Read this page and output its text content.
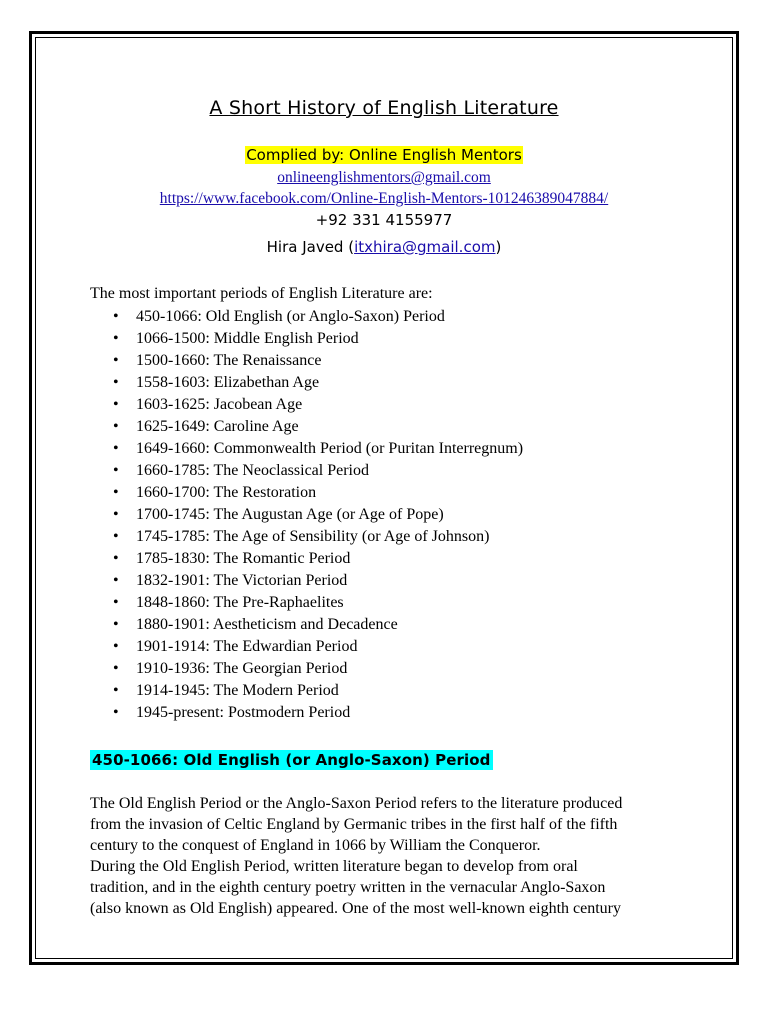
A Short History of English Literature
Complied by: Online English Mentors
onlineenglishmentors@gmail.com
https://www.facebook.com/Online-English-Mentors-101246389047884/
+92 331 4155977
Hira Javed (itxhira@gmail.com)
The most important periods of English Literature are:
• 450-1066: Old English (or Anglo-Saxon) Period
• 1066-1500: Middle English Period
• 1500-1660: The Renaissance
• 1558-1603: Elizabethan Age
• 1603-1625: Jacobean Age
• 1625-1649: Caroline Age
• 1649-1660: Commonwealth Period (or Puritan Interregnum)
• 1660-1785: The Neoclassical Period
• 1660-1700: The Restoration
• 1700-1745: The Augustan Age (or Age of Pope)
• 1745-1785: The Age of Sensibility (or Age of Johnson)
• 1785-1830: The Romantic Period
• 1832-1901: The Victorian Period
• 1848-1860: The Pre-Raphaelites
• 1880-1901: Aestheticism and Decadence
• 1901-1914: The Edwardian Period
• 1910-1936: The Georgian Period
• 1914-1945: The Modern Period
• 1945-present: Postmodern Period
450-1066: Old English (or Anglo-Saxon) Period

The Old English Period or the Anglo-Saxon Period refers to the literature produced

from the invasion of Celtic England by Germanic tribes in the first half of the fifth

century to the conquest of England in 1066 by William the Conqueror.

During the Old English Period, written literature began to develop from oral

tradition, and in the eighth century poetry written in the vernacular Anglo-Saxon

(also known as Old English) appeared. One of the most well-known eighth century
